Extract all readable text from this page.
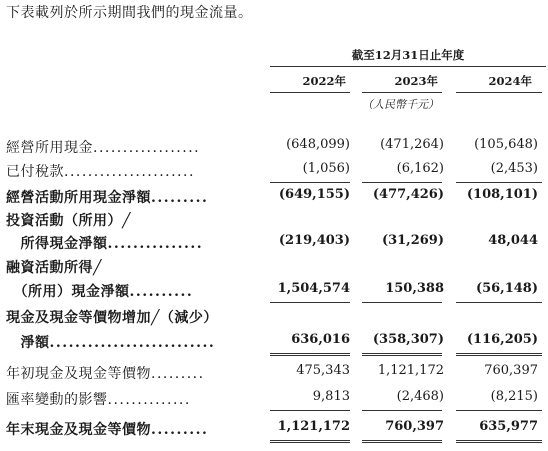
下表載列於所示期間我們的現金流量。
截至12月31日止年度
2022年	2023年	2024年
（人民幣千元）
經營所用現金..................	(648,099) (471,264) (105,648)
已付稅款......................	(1,056)	(6,162)	(2,453)
經營活動所用現金淨額.........	(649,155) (477,426) (108,101)
投資活動（所用）╱
　所得現金淨額...............	(219,403) (31,269)	48,044
融資活動所得╱
　（所用）現金淨額..........	1,504,574	150,388 (56,148)
現金及現金等價物增加╱（減少）
　淨額..........................	636,016 (358,307) (116,205)
年初現金及現金等價物.........	475,343 1,121,172	760,397
匯率變動的影響..............	9,813	(2,468)	(8,215)
年末現金及現金等價物.........	1,121,172	760,397	635,977
